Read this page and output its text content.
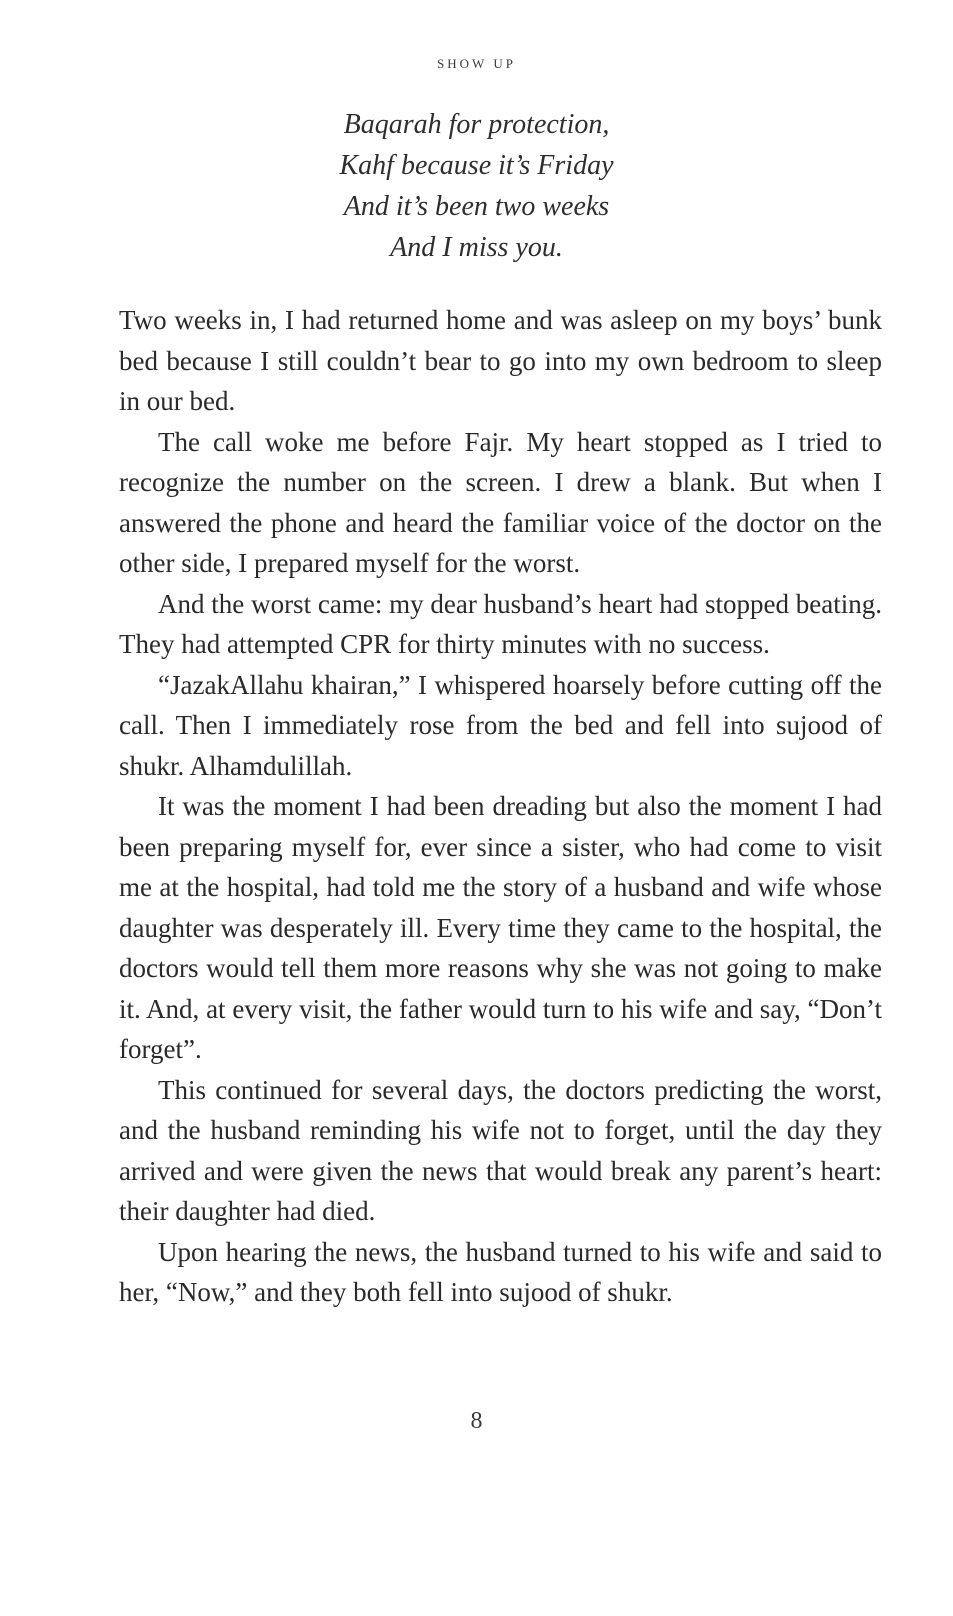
SHOW UP

Baqarah for protection,
Kahf because it’s Friday
And it’s been two weeks
And I miss you.

Two weeks in, I had returned home and was asleep on my boys’ bunk bed because I still couldn’t bear to go into my own bedroom to sleep in our bed.

The call woke me before Fajr. My heart stopped as I tried to recognize the number on the screen. I drew a blank. But when I answered the phone and heard the familiar voice of the doctor on the other side, I prepared myself for the worst.

And the worst came: my dear husband’s heart had stopped beating. They had attempted CPR for thirty minutes with no success.

“JazakAllahu khairan,” I whispered hoarsely before cutting off the call. Then I immediately rose from the bed and fell into sujood of shukr. Alhamdulillah.

It was the moment I had been dreading but also the moment I had been preparing myself for, ever since a sister, who had come to visit me at the hospital, had told me the story of a husband and wife whose daughter was desperately ill. Every time they came to the hospital, the doctors would tell them more reasons why she was not going to make it. And, at every visit, the father would turn to his wife and say, “Don’t forget”.

This continued for several days, the doctors predicting the worst, and the husband reminding his wife not to forget, until the day they arrived and were given the news that would break any parent’s heart: their daughter had died.

Upon hearing the news, the husband turned to his wife and said to her, “Now,” and they both fell into sujood of shukr.

8
